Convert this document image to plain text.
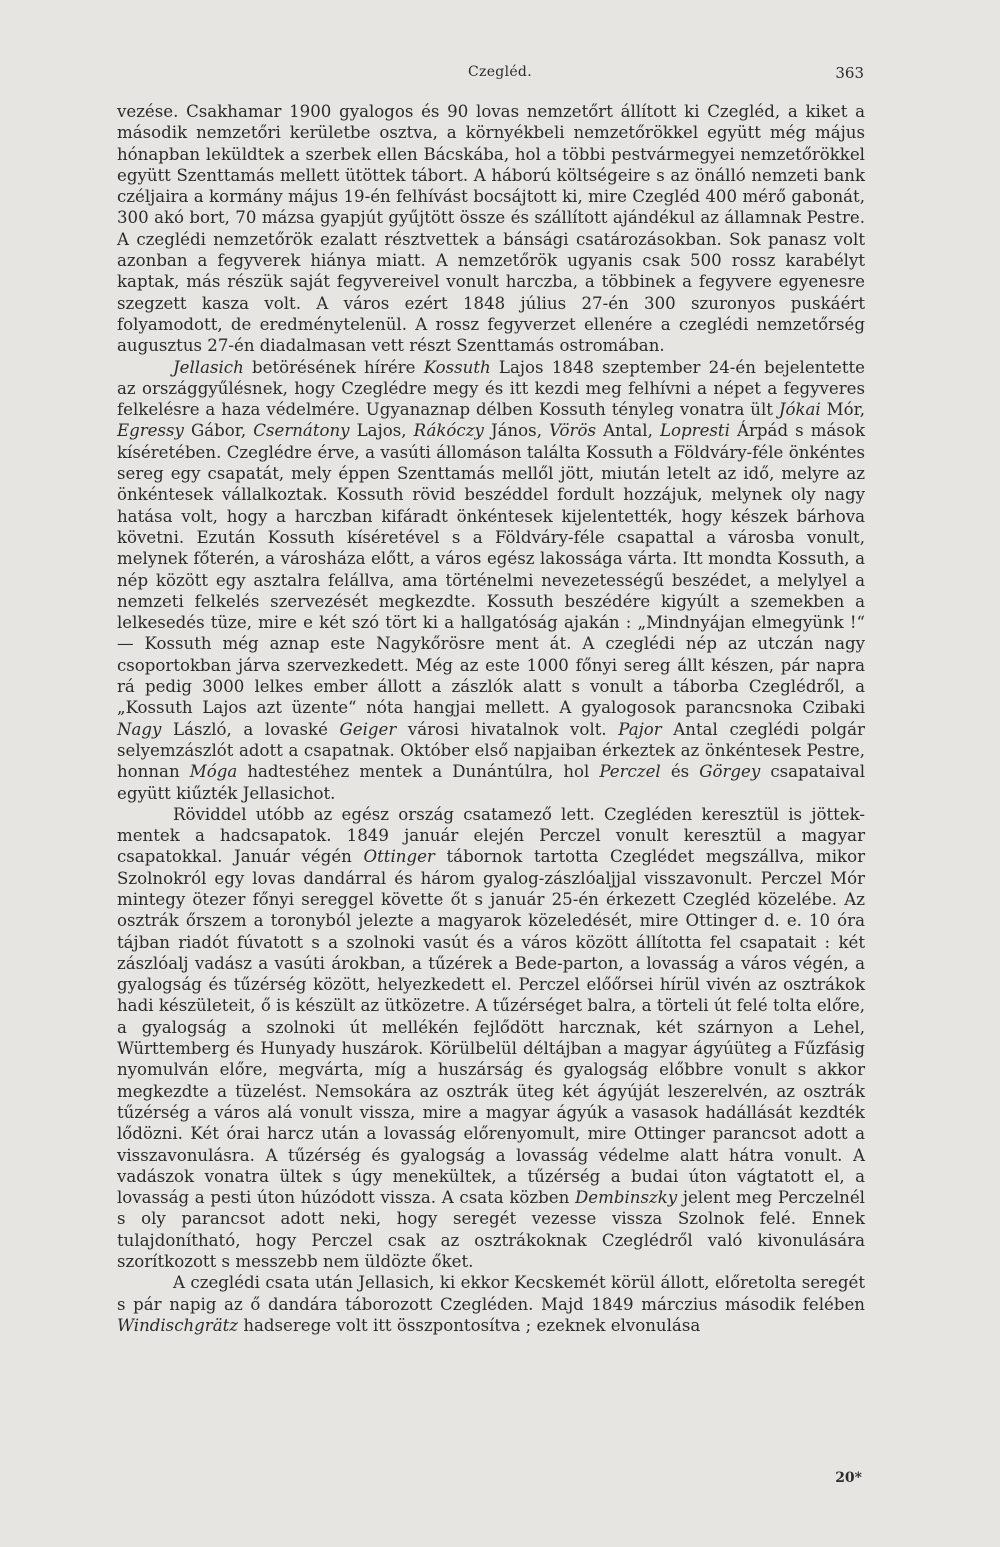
Czegléd.	363

vezése. Csakhamar 1900 gyalogos és 90 lovas nemzetőrt állított ki Czegléd, a kiket a második nemzetőri kerületbe osztva, a környékbeli nemzetőrökkel együtt még május hónapban leküldtek a szerbek ellen Bácskába, hol a többi pestvármegyei nemzetőrökkel együtt Szenttamás mellett ütöttek tábort. A háború költségeire s az önálló nemzeti bank czéljaira a kormány május 19-én felhívást bocsájtott ki, mire Czegléd 400 mérő gabonát, 300 akó bort, 70 mázsa gyapjút gyűjtött össze és szállított ajándékul az államnak Pestre. A czeglédi nemzetőrök ezalatt résztvettek a bánsági csatározásokban. Sok panasz volt azonban a fegyverek hiánya miatt. A nemzetőrök ugyanis csak 500 rossz karabélyt kaptak, más részük saját fegyvereivel vonult harczba, a többinek a fegyvere egyenesre szegzett kasza volt. A város ezért 1848 július 27-én 300 szuronyos puskáért folyamodott, de eredménytelenül. A rossz fegyverzet ellenére a czeglédi nemzetőrség augusztus 27-én diadalmasan vett részt Szenttamás ostromában.

Jellasich betörésének hírére Kossuth Lajos 1848 szeptember 24-én bejelentette az országgyűlésnek, hogy Czeglédre megy és itt kezdi meg felhívni a népet a fegyveres felkelésre a haza védelmére. Ugyanaznap délben Kossuth tényleg vonatra ült Jókai Mór, Egressy Gábor, Csernátony Lajos, Rákóczy János, Vörös Antal, Lopresti Árpád s mások kíséretében. Czeglédre érve, a vasúti állomáson találta Kossuth a Földváry-féle önkéntes sereg egy csapatát, mely éppen Szenttamás mellől jött, miután letelt az idő, melyre az önkéntesek vállalkoztak. Kossuth rövid beszéddel fordult hozzájuk, melynek oly nagy hatása volt, hogy a harczban kifáradt önkéntesek kijelentették, hogy készek bárhova követni. Ezután Kossuth kíséretével s a Földváry-féle csapattal a városba vonult, melynek főterén, a városháza előtt, a város egész lakossága várta. Itt mondta Kossuth, a nép között egy asztalra felállva, ama történelmi nevezetességű beszédet, a melylyel a nemzeti felkelés szervezését megkezdte. Kossuth beszédére kigyúlt a szemekben a lelkesedés tüze, mire e két szó tört ki a hallgatóság ajakán : „Mindnyájan elmegyünk !“ — Kossuth még aznap este Nagykőrösre ment át. A czeglédi nép az utczán nagy csoportokban járva szervezkedett. Még az este 1000 főnyi sereg állt készen, pár napra rá pedig 3000 lelkes ember állott a zászlók alatt s vonult a táborba Czeglédről, a „Kossuth Lajos azt üzente“ nóta hangjai mellett. A gyalogosok parancsnoka Czibaki Nagy László, a lovaské Geiger városi hivatalnok volt. Pajor Antal czeglédi polgár selyemzászlót adott a csapatnak. Október első napjaiban érkeztek az önkéntesek Pestre, honnan Móga hadtestéhez mentek a Dunántúlra, hol Perczel és Görgey csapataival együtt kiűzték Jellasichot.

Röviddel utóbb az egész ország csatamező lett. Czegléden keresztül is jöttek-mentek a hadcsapatok. 1849 január elején Perczel vonult keresztül a magyar csapatokkal. Január végén Ottinger tábornok tartotta Czeglédet megszállva, mikor Szolnokról egy lovas dandárral és három gyalog-zászlóaljjal visszavonult. Perczel Mór mintegy ötezer főnyi sereggel követte őt s január 25-én érkezett Czegléd közelébe. Az osztrák őrszem a toronyból jelezte a magyarok közeledését, mire Ottinger d. e. 10 óra tájban riadót fúvatott s a szolnoki vasút és a város között állította fel csapatait : két zászlóalj vadász a vasúti árokban, a tűzérek a Bede-parton, a lovasság a város végén, a gyalogság és tűzérség között, helyezkedett el. Perczel előőrsei hírül vivén az osztrákok hadi készületeit, ő is készült az ütközetre. A tűzérséget balra, a törteli út felé tolta előre, a gyalogság a szolnoki út mellékén fejlődött harcznak, két szárnyon a Lehel, Württemberg és Hunyady huszárok. Körülbelül déltájban a magyar ágyúüteg a Fűzfásig nyomulván előre, megvárta, míg a huszárság és gyalogság előbbre vonult s akkor megkezdte a tüzelést. Nemsokára az osztrák üteg két ágyúját leszerelvén, az osztrák tűzérség a város alá vonult vissza, mire a magyar ágyúk a vasasok hadállását kezdték lődözni. Két órai harcz után a lovasság előrenyomult, mire Ottinger parancsot adott a visszavonulásra. A tűzérség és gyalogság a lovasság védelme alatt hátra vonult. A vadászok vonatra ültek s úgy menekültek, a tűzérség a budai úton vágtatott el, a lovasság a pesti úton húzódott vissza. A csata közben Dembinszky jelent meg Perczelnél s oly parancsot adott neki, hogy seregét vezesse vissza Szolnok felé. Ennek tulajdonítható, hogy Perczel csak az osztrákoknak Czeglédről való kivonulására szorítkozott s messzebb nem üldözte őket.

A czeglédi csata után Jellasich, ki ekkor Kecskemét körül állott, előretolta seregét s pár napig az ő dandára táborozott Czegléden. Majd 1849 márczius második felében Windischgrätz hadserege volt itt összpontosítva ; ezeknek elvonulása

20*
